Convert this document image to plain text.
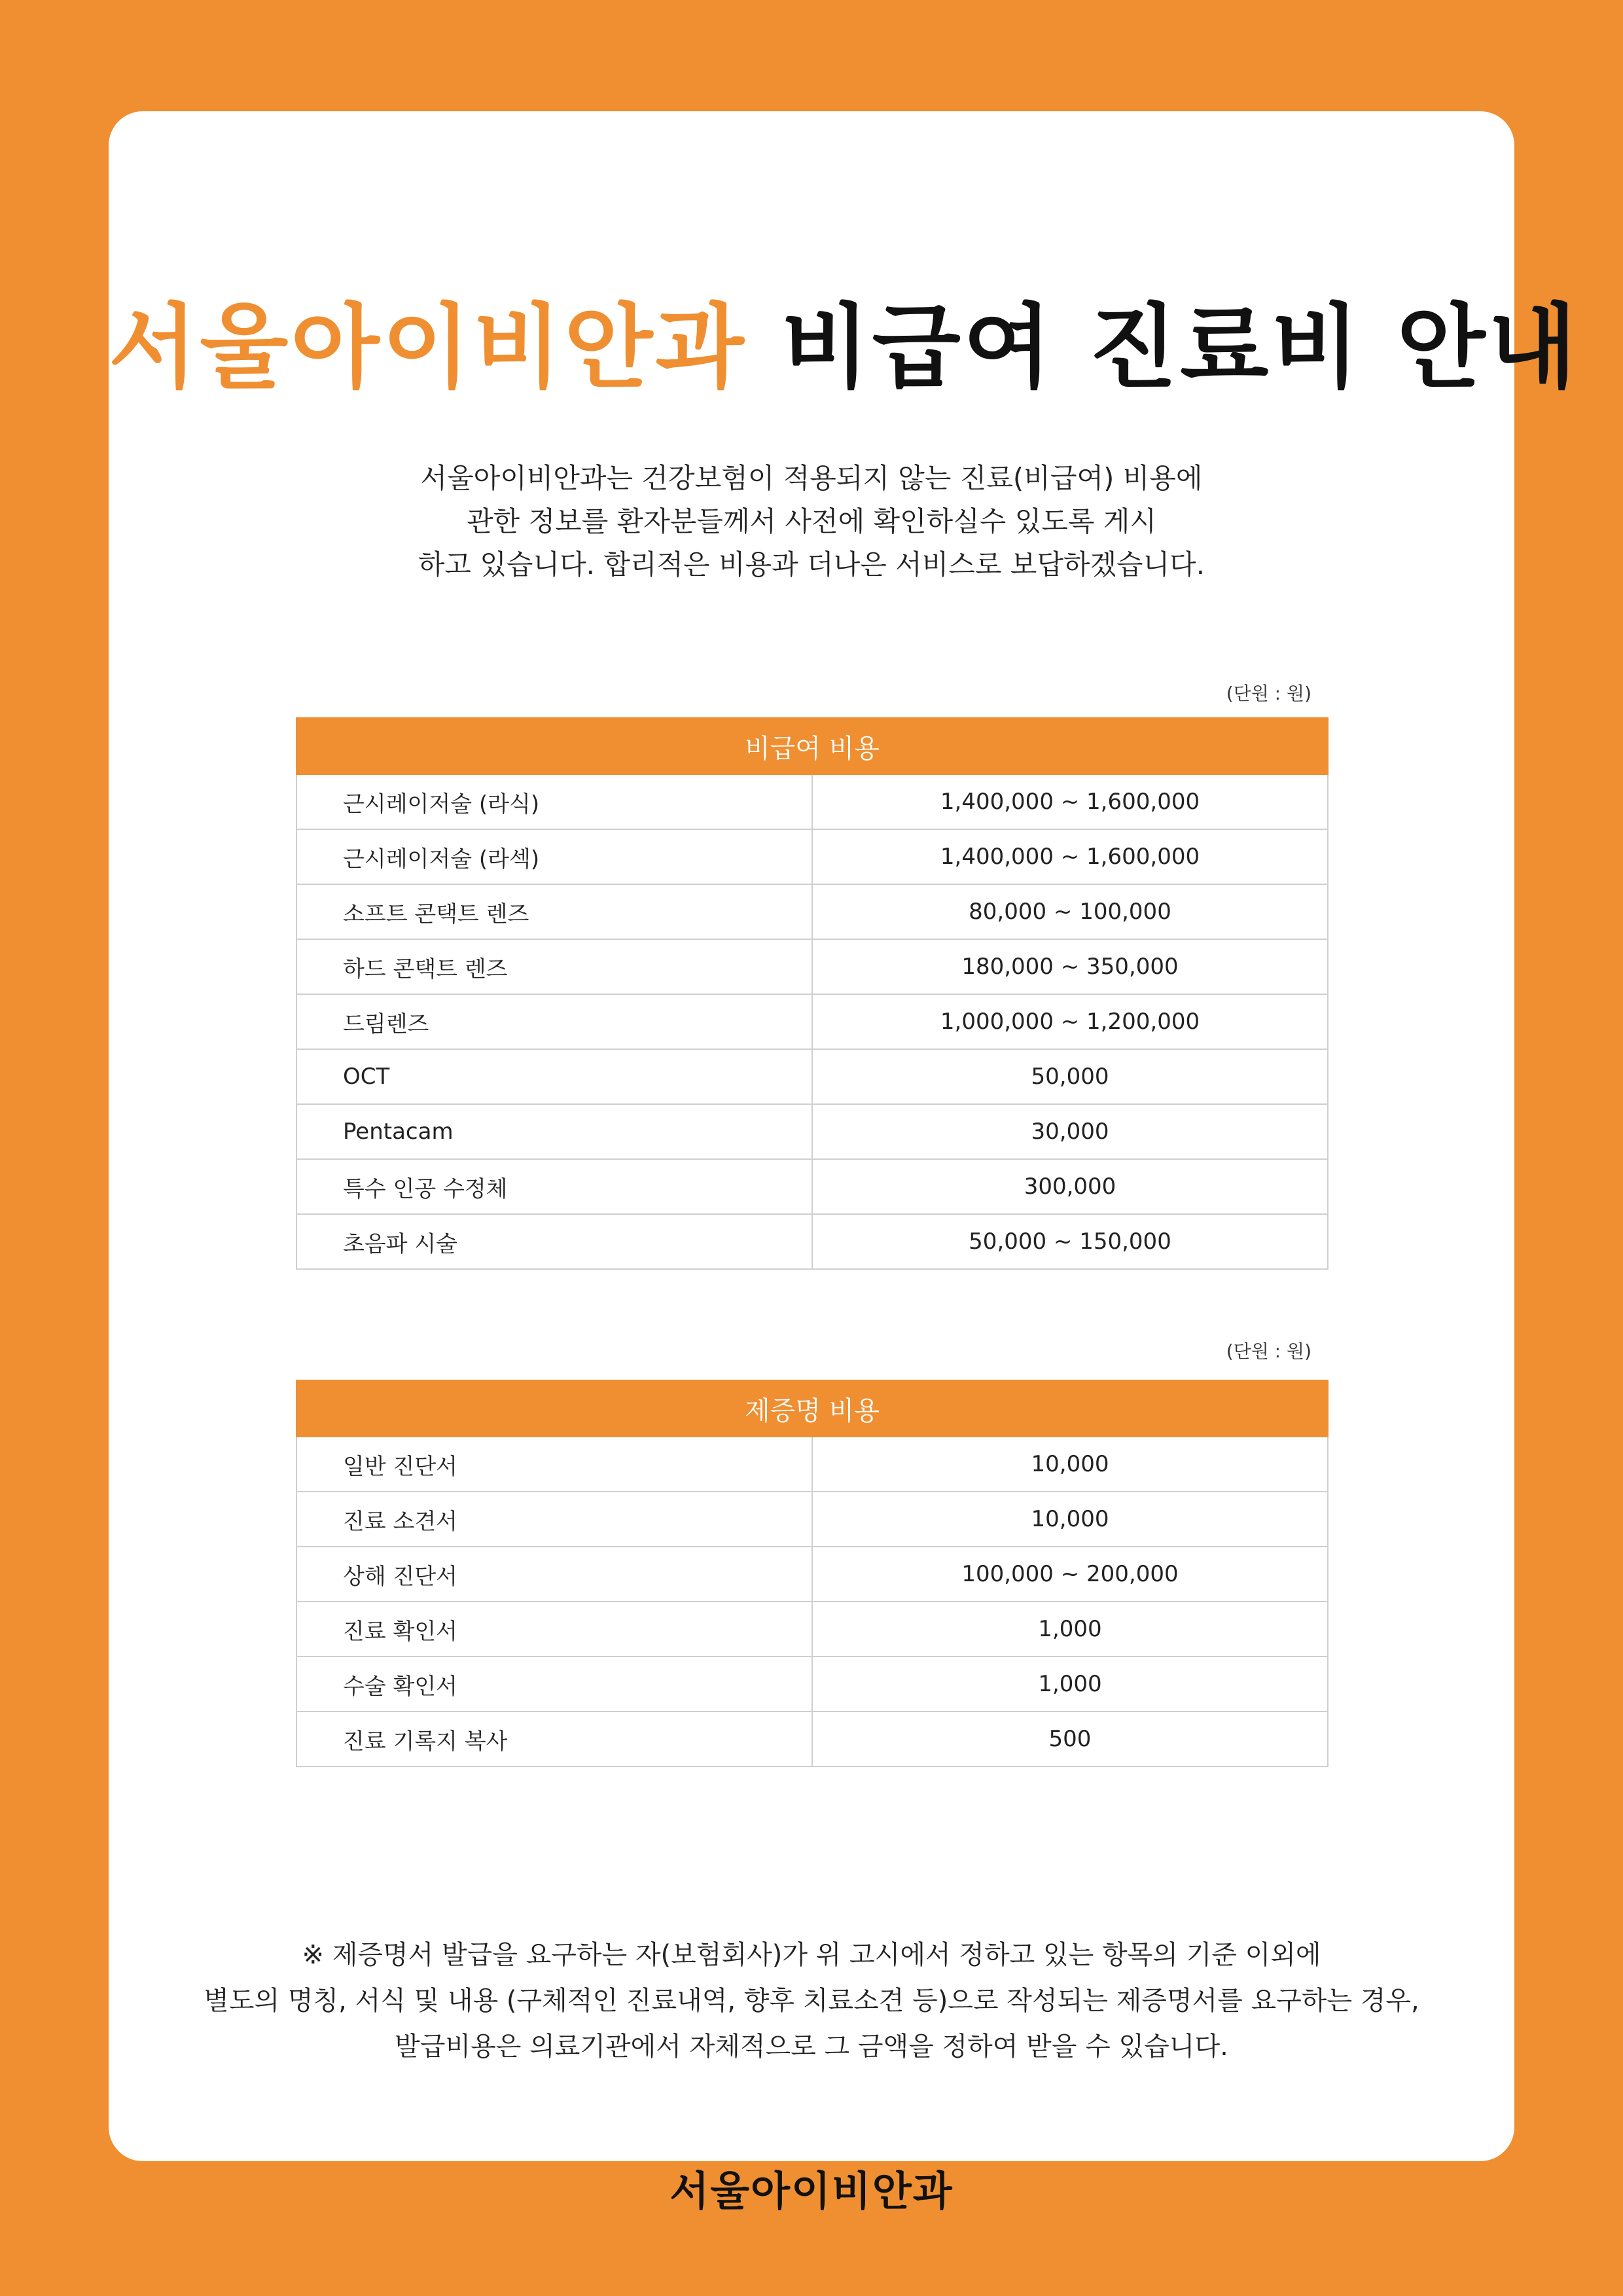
서울아이비안과 비급여 진료비 안내
서울아이비안과는 건강보험이 적용되지 않는 진료(비급여) 비용에
관한 정보를 환자분들께서 사전에 확인하실수 있도록 게시
하고 있습니다. 합리적은 비용과 더나은 서비스로 보답하겠습니다.
(단원 : 원)
비급여 비용	
근시레이저술 (라식)	1,400,000 ~ 1,600,000
근시레이저술 (라섹)	1,400,000 ~ 1,600,000
소프트 콘택트 렌즈	80,000 ~ 100,000
하드 콘택트 렌즈	180,000 ~ 350,000
드림렌즈	1,000,000 ~ 1,200,000
OCT	50,000
Pentacam	30,000
특수 인공 수정체	300,000
초음파 시술	50,000 ~ 150,000
(단원 : 원)
제증명 비용	
일반 진단서	10,000
진료 소견서	10,000
상해 진단서	100,000 ~ 200,000
진료 확인서	1,000
수술 확인서	1,000
진료 기록지 복사	500
※ 제증명서 발급을 요구하는 자(보험회사)가 위 고시에서 정하고 있는 항목의 기준 이외에
별도의 명칭, 서식 및 내용 (구체적인 진료내역, 향후 치료소견 등)으로 작성되는 제증명서를 요구하는 경우,
발급비용은 의료기관에서 자체적으로 그 금액을 정하여 받을 수 있습니다.
서울아이비안과
